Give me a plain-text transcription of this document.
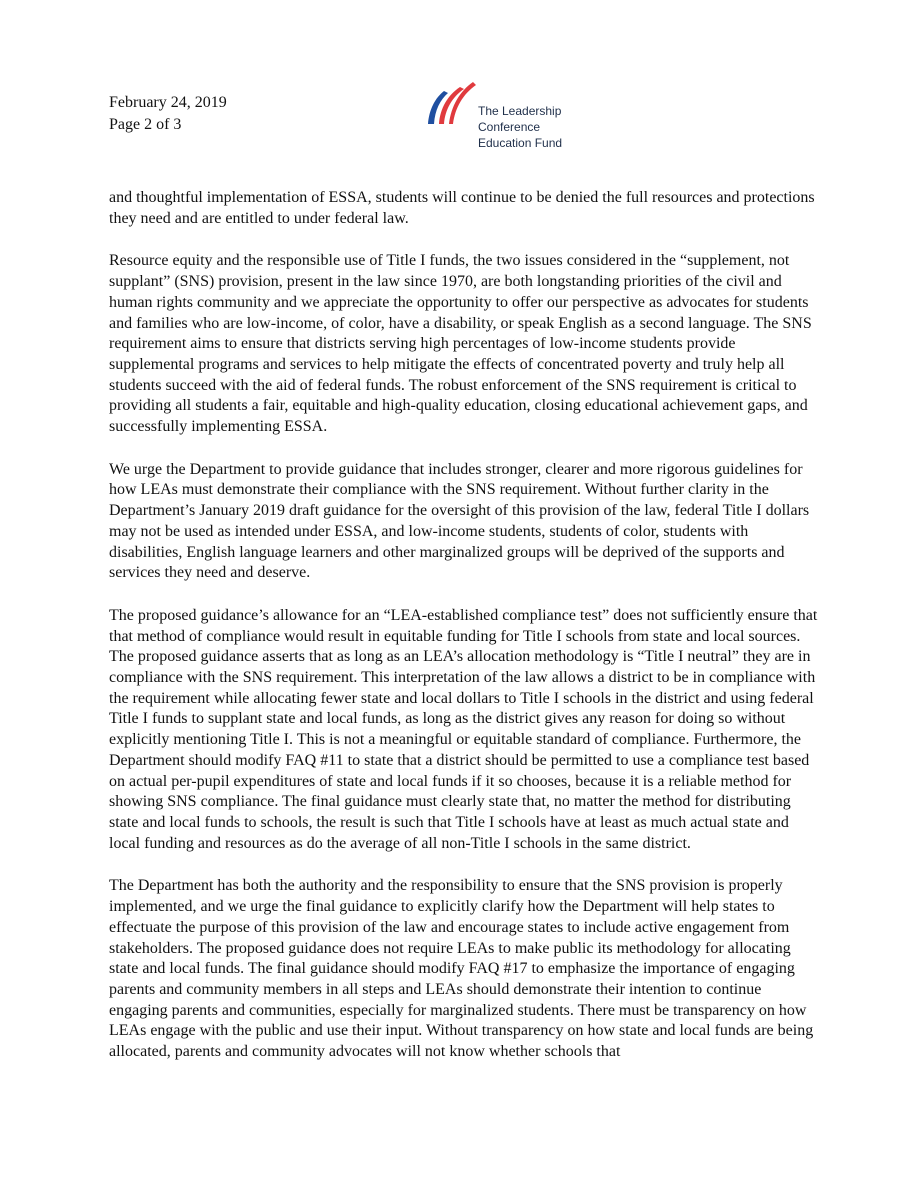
February 24, 2019
Page 2 of 3
The Leadership
Conference
Education Fund

and thoughtful implementation of ESSA, students will continue to be denied the full resources and protections they need and are entitled to under federal law.

Resource equity and the responsible use of Title I funds, the two issues considered in the “supplement, not supplant” (SNS) provision, present in the law since 1970, are both longstanding priorities of the civil and human rights community and we appreciate the opportunity to offer our perspective as advocates for students and families who are low-income, of color, have a disability, or speak English as a second language. The SNS requirement aims to ensure that districts serving high percentages of low-income students provide supplemental programs and services to help mitigate the effects of concentrated poverty and truly help all students succeed with the aid of federal funds. The robust enforcement of the SNS requirement is critical to providing all students a fair, equitable and high-quality education, closing educational achievement gaps, and successfully implementing ESSA.

We urge the Department to provide guidance that includes stronger, clearer and more rigorous guidelines for how LEAs must demonstrate their compliance with the SNS requirement. Without further clarity in the Department’s January 2019 draft guidance for the oversight of this provision of the law, federal Title I dollars may not be used as intended under ESSA, and low-income students, students of color, students with disabilities, English language learners and other marginalized groups will be deprived of the supports and services they need and deserve.

The proposed guidance’s allowance for an “LEA-established compliance test” does not sufficiently ensure that that method of compliance would result in equitable funding for Title I schools from state and local sources. The proposed guidance asserts that as long as an LEA’s allocation methodology is “Title I neutral” they are in compliance with the SNS requirement. This interpretation of the law allows a district to be in compliance with the requirement while allocating fewer state and local dollars to Title I schools in the district and using federal Title I funds to supplant state and local funds, as long as the district gives any reason for doing so without explicitly mentioning Title I. This is not a meaningful or equitable standard of compliance. Furthermore, the Department should modify FAQ #11 to state that a district should be permitted to use a compliance test based on actual per-pupil expenditures of state and local funds if it so chooses, because it is a reliable method for showing SNS compliance. The final guidance must clearly state that, no matter the method for distributing state and local funds to schools, the result is such that Title I schools have at least as much actual state and local funding and resources as do the average of all non-Title I schools in the same district.

The Department has both the authority and the responsibility to ensure that the SNS provision is properly implemented, and we urge the final guidance to explicitly clarify how the Department will help states to effectuate the purpose of this provision of the law and encourage states to include active engagement from stakeholders. The proposed guidance does not require LEAs to make public its methodology for allocating state and local funds. The final guidance should modify FAQ #17 to emphasize the importance of engaging parents and community members in all steps and LEAs should demonstrate their intention to continue engaging parents and communities, especially for marginalized students. There must be transparency on how LEAs engage with the public and use their input. Without transparency on how state and local funds are being allocated, parents and community advocates will not know whether schools that
